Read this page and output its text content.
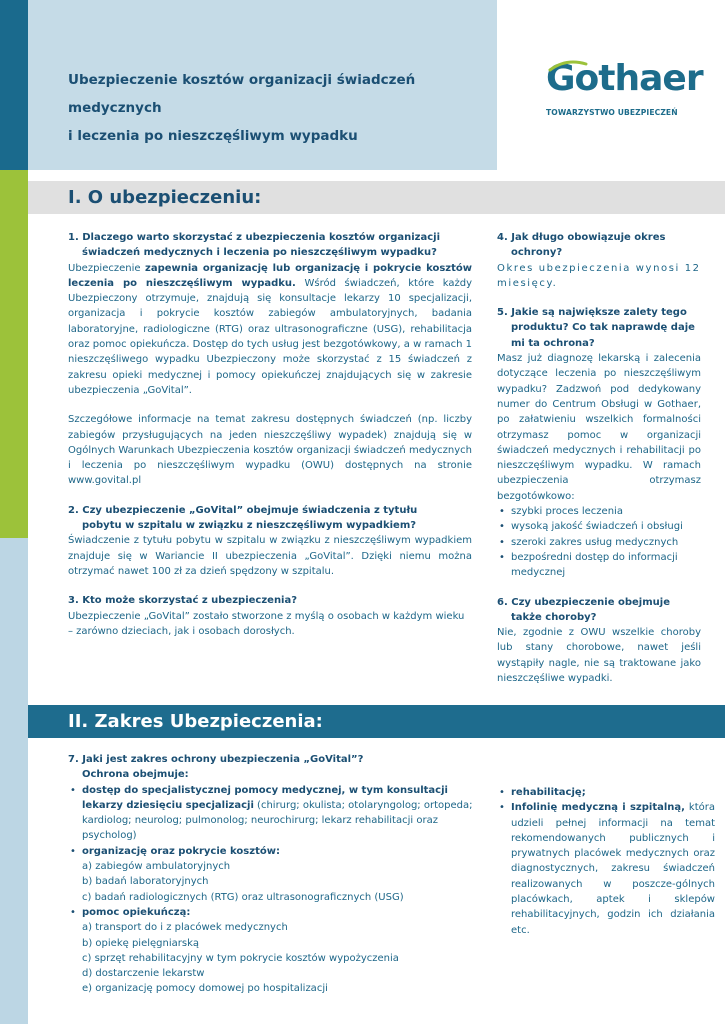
Ubezpieczenie kosztów organizacji świadczeń medycznych
i leczenia po nieszczęśliwym wypadku
Gothaer
TOWARZYSTWO UBEZPIECZEŃ
I. O ubezpieczeniu:
1. Dlaczego warto skorzystać z ubezpieczenia kosztów organizacji
świadczeń medycznych i leczenia po nieszczęśliwym wypadku?
Ubezpieczenie zapewnia organizację lub organizację i pokrycie kosztów leczenia po nieszczęśliwym wypadku. Wśród świadczeń, które każdy Ubezpieczony otrzymuje, znajdują się konsultacje lekarzy 10 specjalizacji, organizacja i pokrycie kosztów zabiegów ambulatoryjnych, badania laboratoryjne, radiologiczne (RTG) oraz ultrasonograficzne (USG), rehabilitacja oraz pomoc opiekuńcza. Dostęp do tych usług jest bezgotówkowy, a w ramach 1 nieszczęśliwego wypadku Ubezpieczony może skorzystać z 15 świadczeń z zakresu opieki medycznej i pomocy opiekuńczej znajdujących się w zakresie ubezpieczenia „GoVital”.
Szczegółowe informacje na temat zakresu dostępnych świadczeń (np. liczby zabiegów przysługujących na jeden nieszczęśliwy wypadek) znajdują się w Ogólnych Warunkach Ubezpieczenia kosztów organizacji świadczeń medycznych i leczenia po nieszczęśliwym wypadku (OWU) dostępnych na stronie www.govital.pl
2. Czy ubezpieczenie „GoVital” obejmuje świadczenia z tytułu
pobytu w szpitalu w związku z nieszczęśliwym wypadkiem?
Świadczenie z tytułu pobytu w szpitalu w związku z nieszczęśliwym wypadkiem znajduje się w Wariancie II ubezpieczenia „GoVital”. Dzięki niemu można otrzymać nawet 100 zł za dzień spędzony w szpitalu.
3. Kto może skorzystać z ubezpieczenia?
Ubezpieczenie „GoVital” zostało stworzone z myślą o osobach w każdym wieku – zarówno dzieciach, jak i osobach dorosłych.
4. Jak długo obowiązuje okres
ochrony?
Okres ubezpieczenia wynosi 12 miesięcy.
5. Jakie są największe zalety tego
produktu? Co tak naprawdę daje
mi ta ochrona?
Masz już diagnozę lekarską i zalecenia dotyczące leczenia po nieszczęśliwym wypadku? Zadzwoń pod dedykowany numer do Centrum Obsługi w Gothaer, po załatwieniu wszelkich formalności otrzymasz pomoc w organizacji świadczeń medycznych i rehabilitacji po nieszczęśliwym wypadku. W ramach ubezpieczenia otrzymasz bezgotówkowo:
• szybki proces leczenia
• wysoką jakość świadczeń i obsługi
• szeroki zakres usług medycznych
• bezpośredni dostęp do informacji medycznej
6. Czy ubezpieczenie obejmuje
także choroby?
Nie, zgodnie z OWU wszelkie choroby lub stany chorobowe, nawet jeśli wystąpiły nagle, nie są traktowane jako nieszczęśliwe wypadki.
II. Zakres Ubezpieczenia:
7. Jaki jest zakres ochrony ubezpieczenia „GoVital”?
Ochrona obejmuje:
• dostęp do specjalistycznej pomocy medycznej, w tym konsultacji lekarzy dziesięciu specjalizacji (chirurg; okulista; otolaryngolog; ortopeda; kardiolog; neurolog; pulmonolog; neurochirurg; lekarz rehabilitacji oraz psycholog)
• organizację oraz pokrycie kosztów:
a) zabiegów ambulatoryjnych
b) badań laboratoryjnych
c) badań radiologicznych (RTG) oraz ultrasonograficznych (USG)
• pomoc opiekuńczą:
a) transport do i z placówek medycznych
b) opiekę pielęgniarską
c) sprzęt rehabilitacyjny w tym pokrycie kosztów wypożyczenia
d) dostarczenie lekarstw
e) organizację pomocy domowej po hospitalizacji
• rehabilitację;
• Infolinię medyczną i szpitalną, która udzieli pełnej informacji na temat rekomendowanych publicznych i prywatnych placówek medycznych oraz diagnostycznych, zakresu świadczeń realizowanych w poszcze-gólnych placówkach, aptek i sklepów rehabilitacyjnych, godzin ich działania etc.
